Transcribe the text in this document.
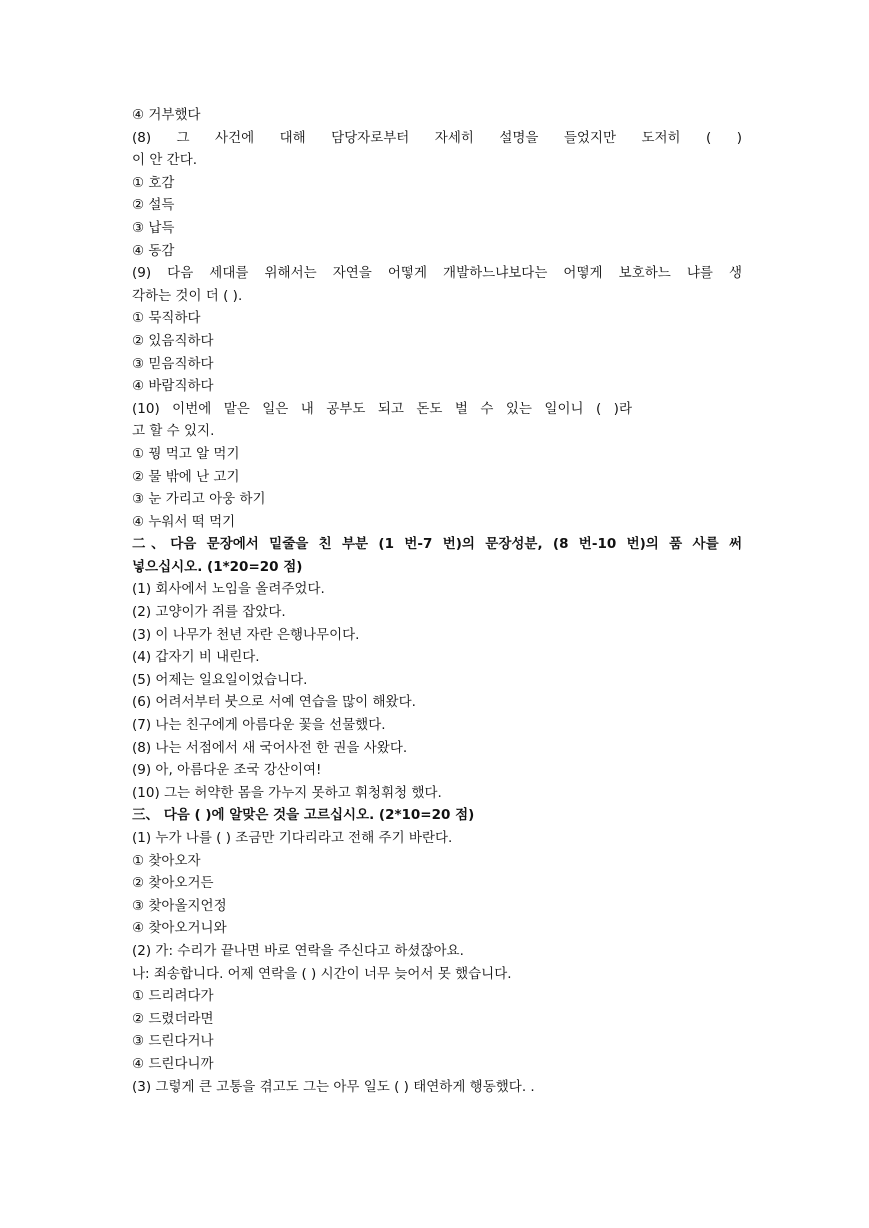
④ 거부했다
(8) 그 사건에 대해 담당자로부터 자세히 설명을 들었지만 도저히 ( )
이 안 간다.
① 호감
② 설득
③ 납득
④ 동감
(9) 다음 세대를 위해서는 자연을 어떻게 개발하느냐보다는 어떻게 보호하느 냐를 생
각하는 것이 더 ( ).
① 묵직하다
② 있음직하다
③ 믿음직하다
④ 바람직하다
(10) 이번에 맡은 일은 내 공부도 되고 돈도 벌 수 있는 일이니 ( )라
고 할 수 있지.
① 꿩 먹고 알 먹기
② 물 밖에 난 고기
③ 눈 가리고 아웅 하기
④ 누워서 떡 먹기
二、다음 문장에서 밑줄을 친 부분 (1 번-7 번)의 문장성분, (8 번-10 번)의 품 사를 써
넣으십시오. (1*20=20 점)
(1) 회사에서 노임을 올려주었다.
(2) 고양이가 쥐를 잡았다.
(3) 이 나무가 천년 자란 은행나무이다.
(4) 갑자기 비 내린다.
(5) 어제는 일요일이었습니다.
(6) 어려서부터 붓으로 서예 연습을 많이 해왔다.
(7) 나는 친구에게 아름다운 꽃을 선물했다.
(8) 나는 서점에서 새 국어사전 한 권을 사왔다.
(9) 아, 아름다운 조국 강산이여!
(10) 그는 허약한 몸을 가누지 못하고 휘청휘청 했다.
三、 다음 ( )에 알맞은 것을 고르십시오. (2*10=20 점)
(1) 누가 나를 ( ) 조금만 기다리라고 전해 주기 바란다.
① 찾아오자
② 찾아오거든
③ 찾아올지언정
④ 찾아오거니와
(2) 가: 수리가 끝나면 바로 연락을 주신다고 하셨잖아요.
나: 죄송합니다. 어제 연락을 ( ) 시간이 너무 늦어서 못 했습니다.
① 드리려다가
② 드렸더라면
③ 드린다거나
④ 드린다니까
(3) 그렇게 큰 고통을 겪고도 그는 아무 일도 ( ) 태연하게 행동했다. .
